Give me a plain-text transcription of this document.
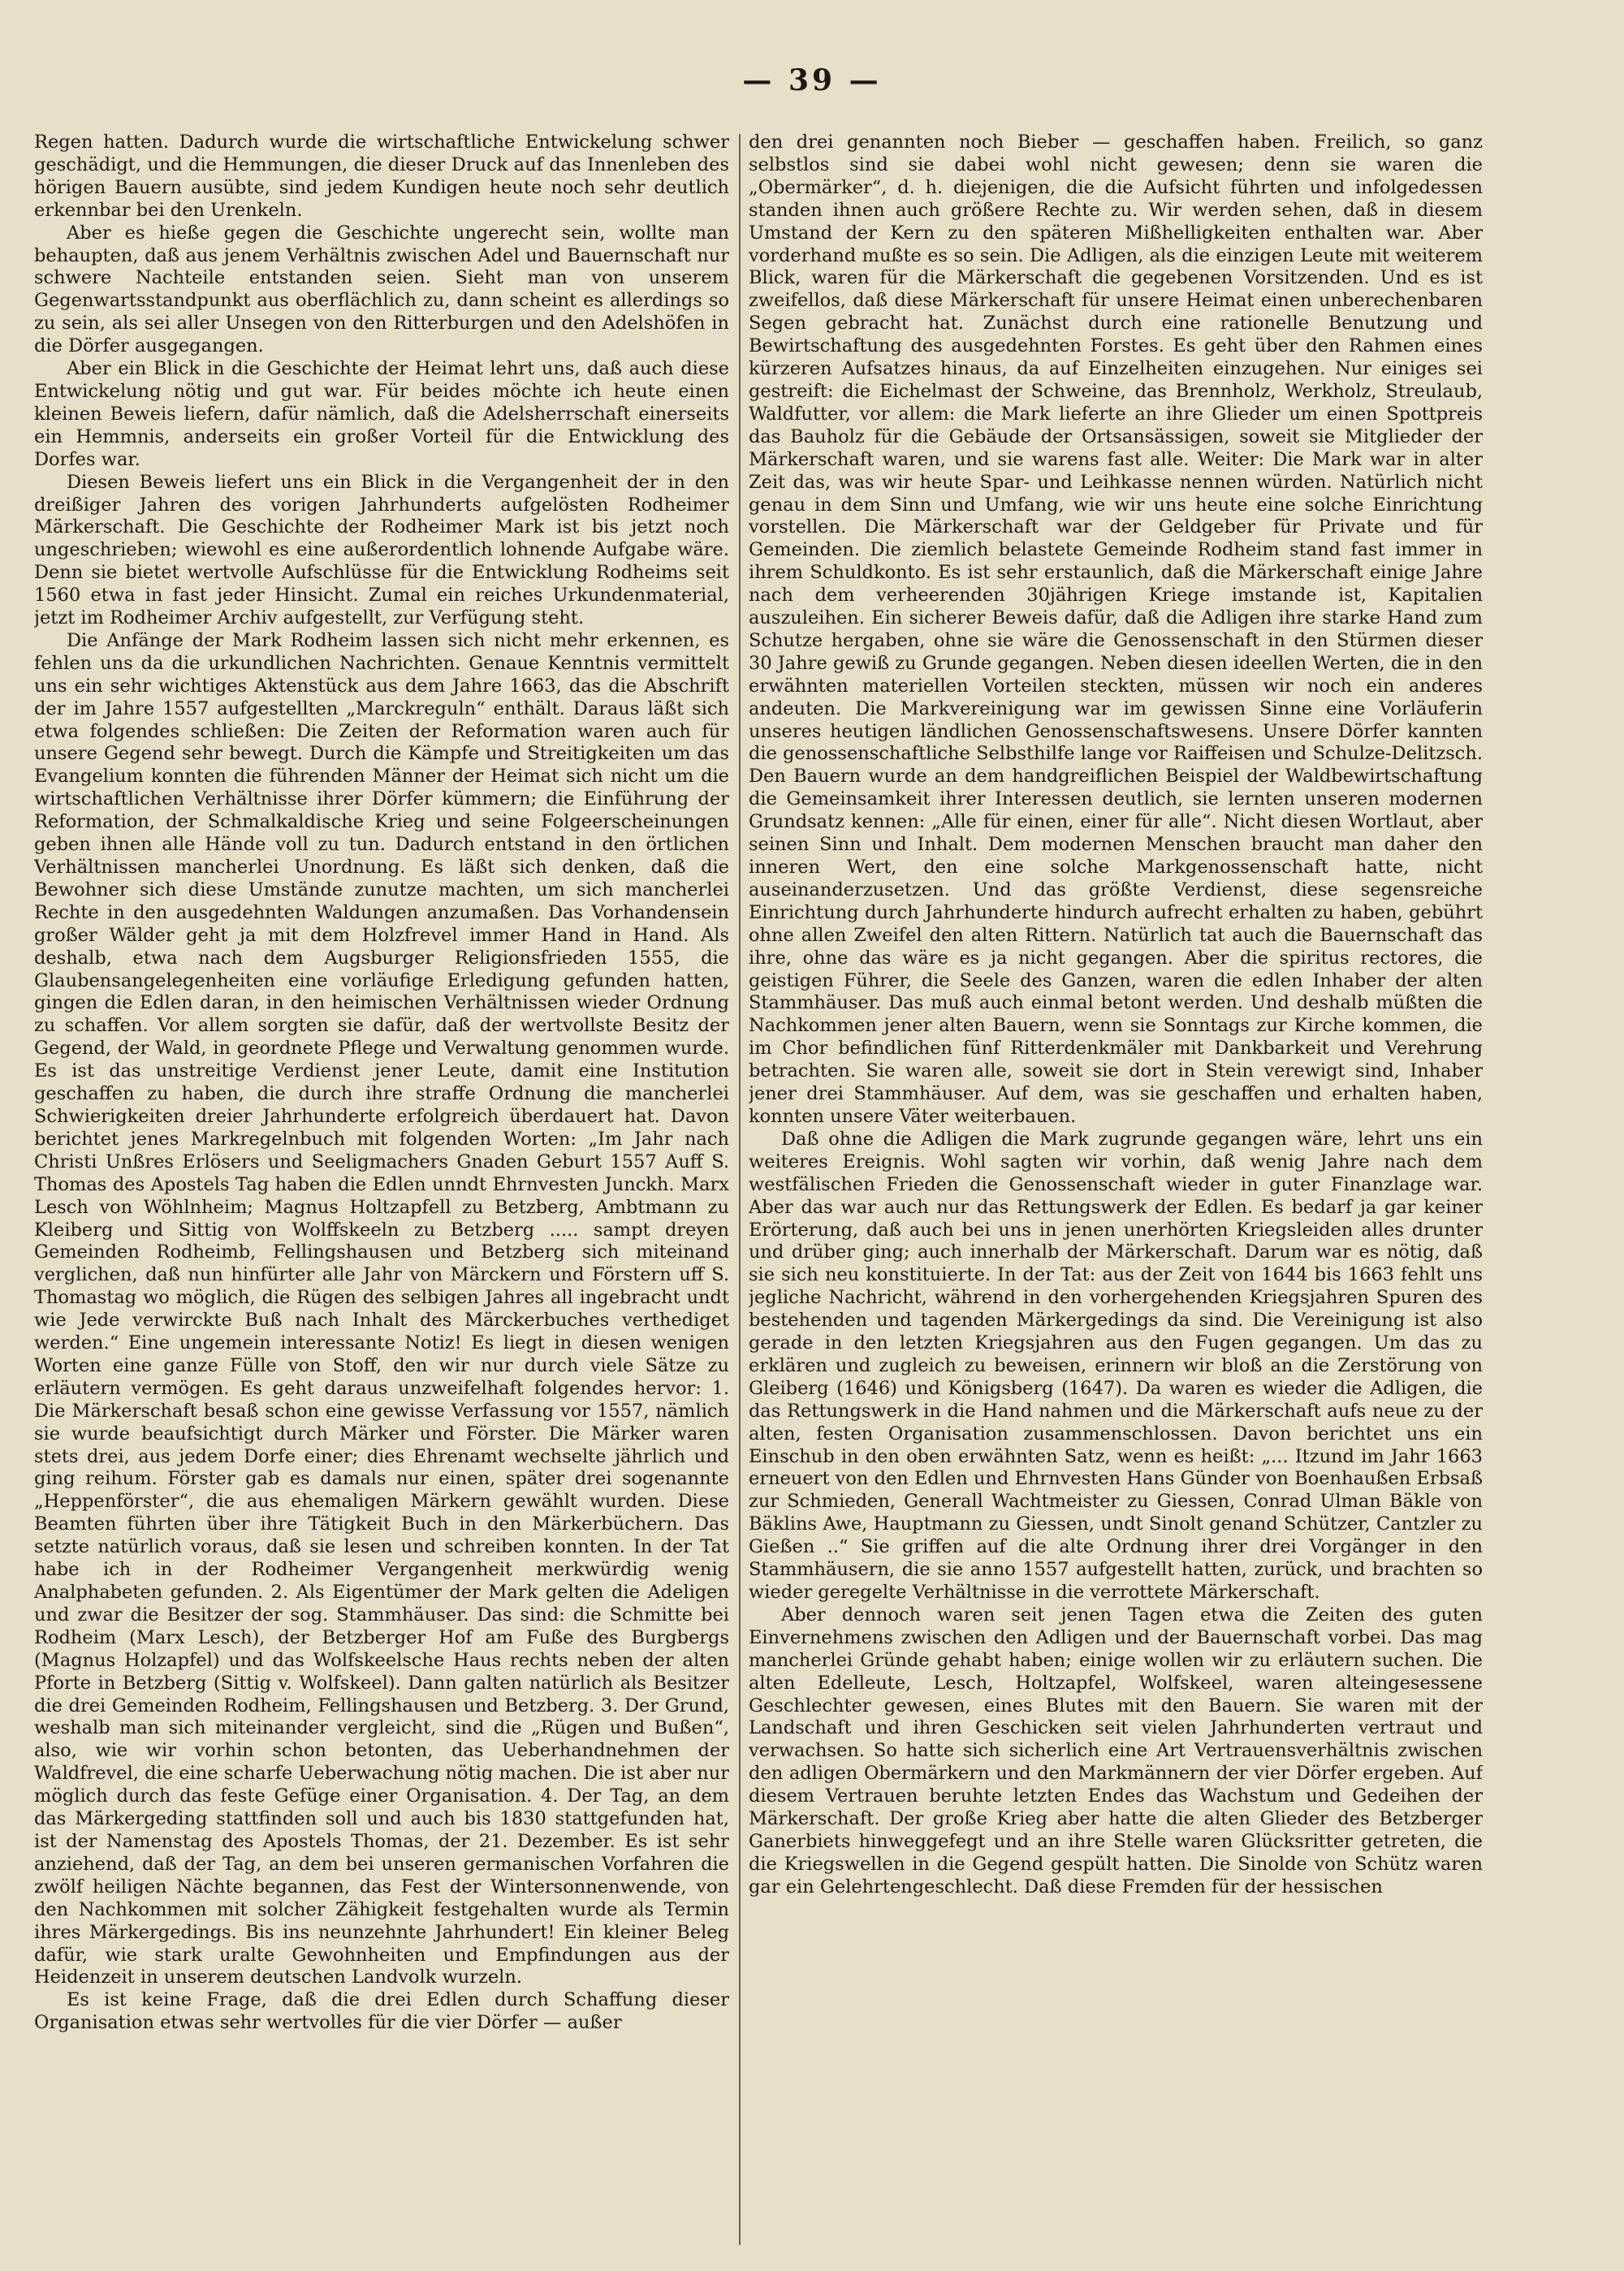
— 39 —

Regen hatten. Dadurch wurde die wirtschaftliche Entwickelung schwer geschädigt, und die Hemmungen, die dieser Druck auf das Innenleben des hörigen Bauern ausübte, sind jedem Kundigen heute noch sehr deutlich erkennbar bei den Urenkeln.

Aber es hieße gegen die Geschichte ungerecht sein, wollte man behaupten, daß aus jenem Verhältnis zwischen Adel und Bauernschaft nur schwere Nachteile entstanden seien. Sieht man von unserem Gegenwartsstandpunkt aus oberflächlich zu, dann scheint es allerdings so zu sein, als sei aller Unsegen von den Ritterburgen und den Adelshöfen in die Dörfer ausgegangen.

Aber ein Blick in die Geschichte der Heimat lehrt uns, daß auch diese Entwickelung nötig und gut war. Für beides möchte ich heute einen kleinen Beweis liefern, dafür nämlich, daß die Adelsherrschaft einerseits ein Hemmnis, anderseits ein großer Vorteil für die Entwicklung des Dorfes war.

Diesen Beweis liefert uns ein Blick in die Vergangenheit der in den dreißiger Jahren des vorigen Jahrhunderts aufgelösten Rodheimer Märkerschaft. Die Geschichte der Rodheimer Mark ist bis jetzt noch ungeschrieben; wiewohl es eine außerordentlich lohnende Aufgabe wäre. Denn sie bietet wertvolle Aufschlüsse für die Entwicklung Rodheims seit 1560 etwa in fast jeder Hinsicht. Zumal ein reiches Urkundenmaterial, jetzt im Rodheimer Archiv aufgestellt, zur Verfügung steht.

Die Anfänge der Mark Rodheim lassen sich nicht mehr erkennen, es fehlen uns da die urkundlichen Nachrichten. Genaue Kenntnis vermittelt uns ein sehr wichtiges Aktenstück aus dem Jahre 1663, das die Abschrift der im Jahre 1557 aufgestellten „Marckreguln“ enthält. Daraus läßt sich etwa folgendes schließen: Die Zeiten der Reformation waren auch für unsere Gegend sehr bewegt. Durch die Kämpfe und Streitigkeiten um das Evangelium konnten die führenden Männer der Heimat sich nicht um die wirtschaftlichen Verhältnisse ihrer Dörfer kümmern; die Einführung der Reformation, der Schmalkaldische Krieg und seine Folgeerscheinungen geben ihnen alle Hände voll zu tun. Dadurch entstand in den örtlichen Verhältnissen mancherlei Unordnung. Es läßt sich denken, daß die Bewohner sich diese Umstände zunutze machten, um sich mancherlei Rechte in den ausgedehnten Waldungen anzumaßen. Das Vorhandensein großer Wälder geht ja mit dem Holzfrevel immer Hand in Hand. Als deshalb, etwa nach dem Augsburger Religionsfrieden 1555, die Glaubensangelegenheiten eine vorläufige Erledigung gefunden hatten, gingen die Edlen daran, in den heimischen Verhältnissen wieder Ordnung zu schaffen. Vor allem sorgten sie dafür, daß der wertvollste Besitz der Gegend, der Wald, in geordnete Pflege und Verwaltung genommen wurde. Es ist das unstreitige Verdienst jener Leute, damit eine Institution geschaffen zu haben, die durch ihre straffe Ordnung die mancherlei Schwierigkeiten dreier Jahrhunderte erfolgreich überdauert hat. Davon berichtet jenes Markregelnbuch mit folgenden Worten: „Im Jahr nach Christi Unßres Erlösers und Seeligmachers Gnaden Geburt 1557 Auff S. Thomas des Apostels Tag haben die Edlen unndt Ehrnvesten Junckh. Marx Lesch von Wöhlnheim; Magnus Holtzapfell zu Betzberg, Ambtmann zu Kleiberg und Sittig von Wolffskeeln zu Betzberg ..... sampt dreyen Gemeinden Rodheimb, Fellingshausen und Betzberg sich miteinand verglichen, daß nun hinfürter alle Jahr von Märckern und Förstern uff S. Thomastag wo möglich, die Rügen des selbigen Jahres all ingebracht undt wie Jede verwirckte Buß nach Inhalt des Märckerbuches verthediget werden.“ Eine ungemein interessante Notiz! Es liegt in diesen wenigen Worten eine ganze Fülle von Stoff, den wir nur durch viele Sätze zu erläutern vermögen. Es geht daraus unzweifelhaft folgendes hervor: 1. Die Märkerschaft besaß schon eine gewisse Verfassung vor 1557, nämlich sie wurde beaufsichtigt durch Märker und Förster. Die Märker waren stets drei, aus jedem Dorfe einer; dies Ehrenamt wechselte jährlich und ging reihum. Förster gab es damals nur einen, später drei sogenannte „Heppenförster“, die aus ehemaligen Märkern gewählt wurden. Diese Beamten führten über ihre Tätigkeit Buch in den Märkerbüchern. Das setzte natürlich voraus, daß sie lesen und schreiben konnten. In der Tat habe ich in der Rodheimer Vergangenheit merkwürdig wenig Analphabeten gefunden. 2. Als Eigentümer der Mark gelten die Adeligen und zwar die Besitzer der sog. Stammhäuser. Das sind: die Schmitte bei Rodheim (Marx Lesch), der Betzberger Hof am Fuße des Burgbergs (Magnus Holzapfel) und das Wolfskeelsche Haus rechts neben der alten Pforte in Betzberg (Sittig v. Wolfskeel). Dann galten natürlich als Besitzer die drei Gemeinden Rodheim, Fellingshausen und Betzberg. 3. Der Grund, weshalb man sich miteinander vergleicht, sind die „Rügen und Bußen“, also, wie wir vorhin schon betonten, das Ueberhandnehmen der Waldfrevel, die eine scharfe Ueberwachung nötig machen. Die ist aber nur möglich durch das feste Gefüge einer Organisation. 4. Der Tag, an dem das Märkergeding stattfinden soll und auch bis 1830 stattgefunden hat, ist der Namenstag des Apostels Thomas, der 21. Dezember. Es ist sehr anziehend, daß der Tag, an dem bei unseren germanischen Vorfahren die zwölf heiligen Nächte begannen, das Fest der Wintersonnenwende, von den Nachkommen mit solcher Zähigkeit festgehalten wurde als Termin ihres Märkergedings. Bis ins neunzehnte Jahrhundert! Ein kleiner Beleg dafür, wie stark uralte Gewohnheiten und Empfindungen aus der Heidenzeit in unserem deutschen Landvolk wurzeln.

Es ist keine Frage, daß die drei Edlen durch Schaffung dieser Organisation etwas sehr wertvolles für die vier Dörfer — außer

den drei genannten noch Bieber — geschaffen haben. Freilich, so ganz selbstlos sind sie dabei wohl nicht gewesen; denn sie waren die „Obermärker“, d. h. diejenigen, die die Aufsicht führten und infolgedessen standen ihnen auch größere Rechte zu. Wir werden sehen, daß in diesem Umstand der Kern zu den späteren Mißhelligkeiten enthalten war. Aber vorderhand mußte es so sein. Die Adligen, als die einzigen Leute mit weiterem Blick, waren für die Märkerschaft die gegebenen Vorsitzenden. Und es ist zweifellos, daß diese Märkerschaft für unsere Heimat einen unberechenbaren Segen gebracht hat. Zunächst durch eine rationelle Benutzung und Bewirtschaftung des ausgedehnten Forstes. Es geht über den Rahmen eines kürzeren Aufsatzes hinaus, da auf Einzelheiten einzugehen. Nur einiges sei gestreift: die Eichelmast der Schweine, das Brennholz, Werkholz, Streulaub, Waldfutter, vor allem: die Mark lieferte an ihre Glieder um einen Spottpreis das Bauholz für die Gebäude der Ortsansässigen, soweit sie Mitglieder der Märkerschaft waren, und sie warens fast alle. Weiter: Die Mark war in alter Zeit das, was wir heute Spar- und Leihkasse nennen würden. Natürlich nicht genau in dem Sinn und Umfang, wie wir uns heute eine solche Einrichtung vorstellen. Die Märkerschaft war der Geldgeber für Private und für Gemeinden. Die ziemlich belastete Gemeinde Rodheim stand fast immer in ihrem Schuldkonto. Es ist sehr erstaunlich, daß die Märkerschaft einige Jahre nach dem verheerenden 30jährigen Kriege imstande ist, Kapitalien auszuleihen. Ein sicherer Beweis dafür, daß die Adligen ihre starke Hand zum Schutze hergaben, ohne sie wäre die Genossenschaft in den Stürmen dieser 30 Jahre gewiß zu Grunde gegangen. Neben diesen ideellen Werten, die in den erwähnten materiellen Vorteilen steckten, müssen wir noch ein anderes andeuten. Die Markvereinigung war im gewissen Sinne eine Vorläuferin unseres heutigen ländlichen Genossenschaftswesens. Unsere Dörfer kannten die genossenschaftliche Selbsthilfe lange vor Raiffeisen und Schulze-Delitzsch. Den Bauern wurde an dem handgreiflichen Beispiel der Waldbewirtschaftung die Gemeinsamkeit ihrer Interessen deutlich, sie lernten unseren modernen Grundsatz kennen: „Alle für einen, einer für alle“. Nicht diesen Wortlaut, aber seinen Sinn und Inhalt. Dem modernen Menschen braucht man daher den inneren Wert, den eine solche Markgenossenschaft hatte, nicht auseinanderzusetzen. Und das größte Verdienst, diese segensreiche Einrichtung durch Jahrhunderte hindurch aufrecht erhalten zu haben, gebührt ohne allen Zweifel den alten Rittern. Natürlich tat auch die Bauernschaft das ihre, ohne das wäre es ja nicht gegangen. Aber die spiritus rectores, die geistigen Führer, die Seele des Ganzen, waren die edlen Inhaber der alten Stammhäuser. Das muß auch einmal betont werden. Und deshalb müßten die Nachkommen jener alten Bauern, wenn sie Sonntags zur Kirche kommen, die im Chor befindlichen fünf Ritterdenkmäler mit Dankbarkeit und Verehrung betrachten. Sie waren alle, soweit sie dort in Stein verewigt sind, Inhaber jener drei Stammhäuser. Auf dem, was sie geschaffen und erhalten haben, konnten unsere Väter weiterbauen.

Daß ohne die Adligen die Mark zugrunde gegangen wäre, lehrt uns ein weiteres Ereignis. Wohl sagten wir vorhin, daß wenig Jahre nach dem westfälischen Frieden die Genossenschaft wieder in guter Finanzlage war. Aber das war auch nur das Rettungswerk der Edlen. Es bedarf ja gar keiner Erörterung, daß auch bei uns in jenen unerhörten Kriegsleiden alles drunter und drüber ging; auch innerhalb der Märkerschaft. Darum war es nötig, daß sie sich neu konstituierte. In der Tat: aus der Zeit von 1644 bis 1663 fehlt uns jegliche Nachricht, während in den vorhergehenden Kriegsjahren Spuren des bestehenden und tagenden Märkergedings da sind. Die Vereinigung ist also gerade in den letzten Kriegsjahren aus den Fugen gegangen. Um das zu erklären und zugleich zu beweisen, erinnern wir bloß an die Zerstörung von Gleiberg (1646) und Königsberg (1647). Da waren es wieder die Adligen, die das Rettungswerk in die Hand nahmen und die Märkerschaft aufs neue zu der alten, festen Organisation zusammenschlossen. Davon berichtet uns ein Einschub in den oben erwähnten Satz, wenn es heißt: „... Itzund im Jahr 1663 erneuert von den Edlen und Ehrnvesten Hans Günder von Boenhaußen Erbsaß zur Schmieden, Generall Wachtmeister zu Giessen, Conrad Ulman Bäkle von Bäklins Awe, Hauptmann zu Giessen, undt Sinolt genand Schützer, Cantzler zu Gießen ..“ Sie griffen auf die alte Ordnung ihrer drei Vorgänger in den Stammhäusern, die sie anno 1557 aufgestellt hatten, zurück, und brachten so wieder geregelte Verhältnisse in die verrottete Märkerschaft.

Aber dennoch waren seit jenen Tagen etwa die Zeiten des guten Einvernehmens zwischen den Adligen und der Bauernschaft vorbei. Das mag mancherlei Gründe gehabt haben; einige wollen wir zu erläutern suchen. Die alten Edelleute, Lesch, Holtzapfel, Wolfskeel, waren alteingesessene Geschlechter gewesen, eines Blutes mit den Bauern. Sie waren mit der Landschaft und ihren Geschicken seit vielen Jahrhunderten vertraut und verwachsen. So hatte sich sicherlich eine Art Vertrauensverhältnis zwischen den adligen Obermärkern und den Markmännern der vier Dörfer ergeben. Auf diesem Vertrauen beruhte letzten Endes das Wachstum und Gedeihen der Märkerschaft. Der große Krieg aber hatte die alten Glieder des Betzberger Ganerbiets hinweggefegt und an ihre Stelle waren Glücksritter getreten, die die Kriegswellen in die Gegend gespült hatten. Die Sinolde von Schütz waren gar ein Gelehrtengeschlecht. Daß diese Fremden für der hessischen
